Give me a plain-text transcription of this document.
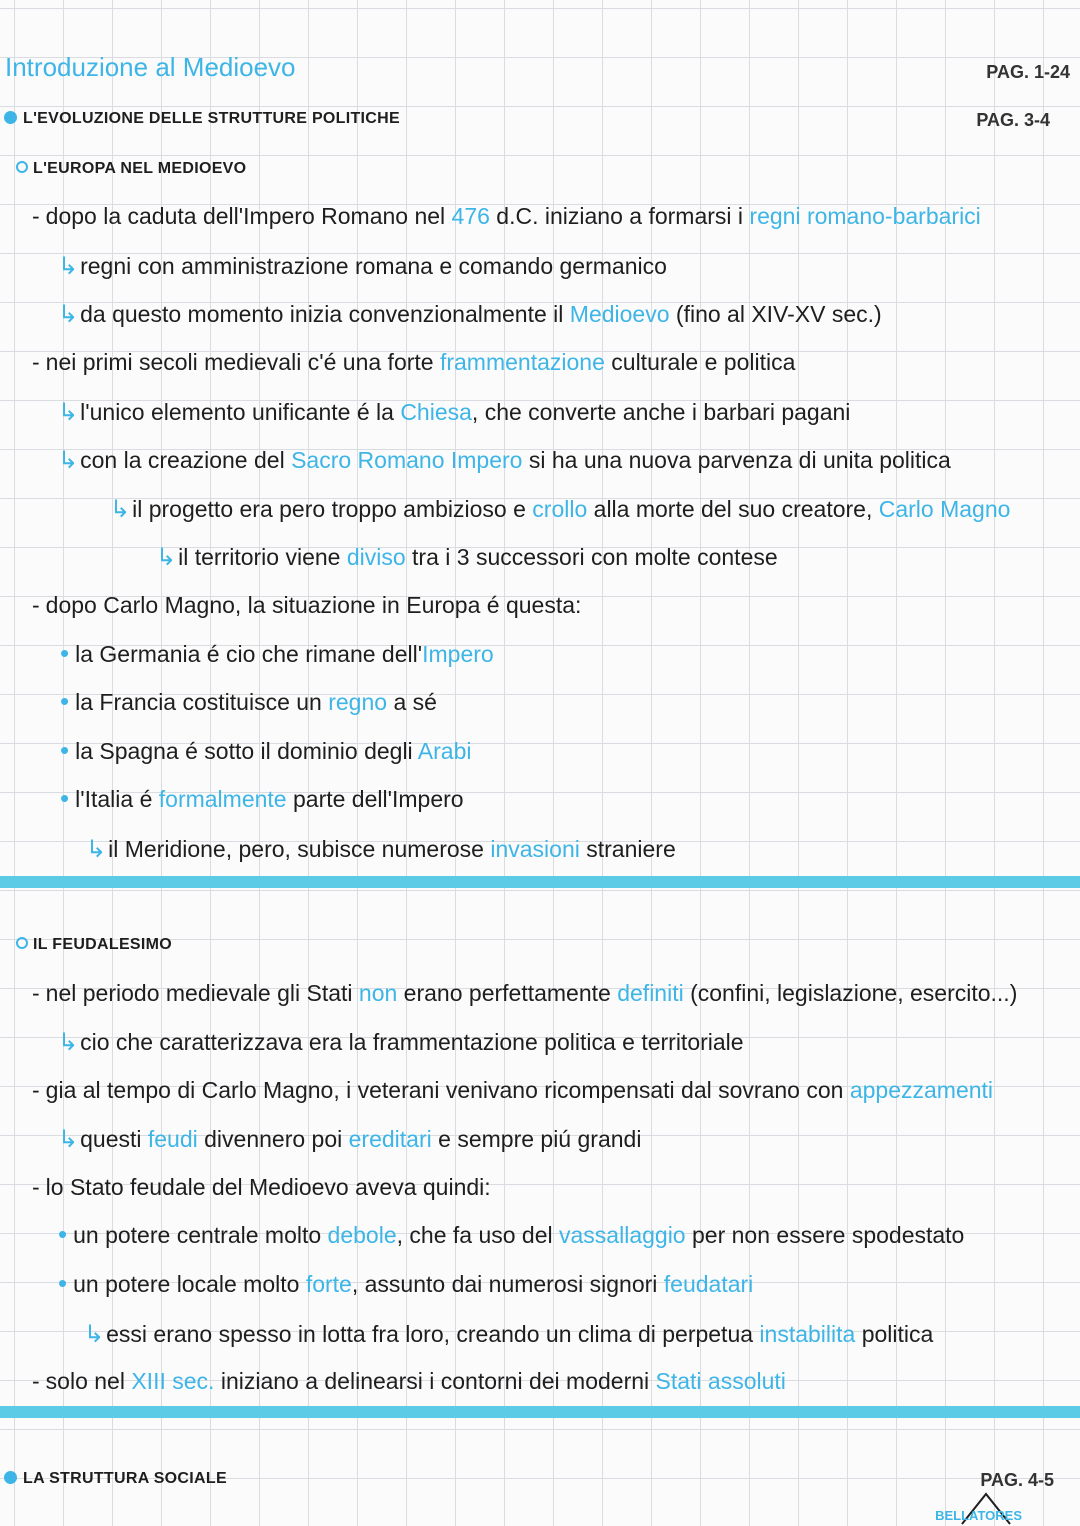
Introduzione al Medioevo	PAG. 1-24
PAG. 3-4
L'EVOLUZIONE DELLE STRUTTURE POLITICHE
L'EUROPA NEL MEDIOEVO
- dopo la caduta dell'Impero Romano nel 476 d.C. iniziano a formarsi i regni romano-barbarici
↳regni con amministrazione romana e comando germanico
↳da questo momento inizia convenzionalmente il Medioevo (fino al XIV-XV sec.)
- nei primi secoli medievali c'é una forte frammentazione culturale e politica
↳l'unico elemento unificante é la Chiesa, che converte anche i barbari pagani
↳con la creazione del Sacro Romano Impero si ha una nuova parvenza di unita politica
↳il progetto era pero troppo ambizioso e crollo alla morte del suo creatore, Carlo Magno
↳il territorio viene diviso tra i 3 successori con molte contese
- dopo Carlo Magno, la situazione in Europa é questa:
• la Germania é cio che rimane dell'Impero
• la Francia costituisce un regno a sé
• la Spagna é sotto il dominio degli Arabi
• l'Italia é formalmente parte dell'Impero
↳il Meridione, pero, subisce numerose invasioni straniere
IL FEUDALESIMO
- nel periodo medievale gli Stati non erano perfettamente definiti (confini, legislazione, esercito...)
↳cio che caratterizzava era la frammentazione politica e territoriale
- gia al tempo di Carlo Magno, i veterani venivano ricompensati dal sovrano con appezzamenti
↳questi feudi divennero poi ereditari e sempre piú grandi
- lo Stato feudale del Medioevo aveva quindi:
• un potere centrale molto debole, che fa uso del vassallaggio per non essere spodestato
• un potere locale molto forte, assunto dai numerosi signori feudatari
↳essi erano spesso in lotta fra loro, creando un clima di perpetua instabilita politica
- solo nel XIII sec. iniziano a delinearsi i contorni dei moderni Stati assoluti
LA STRUTTURA SOCIALE	PAG. 4-5
BELLATORES
